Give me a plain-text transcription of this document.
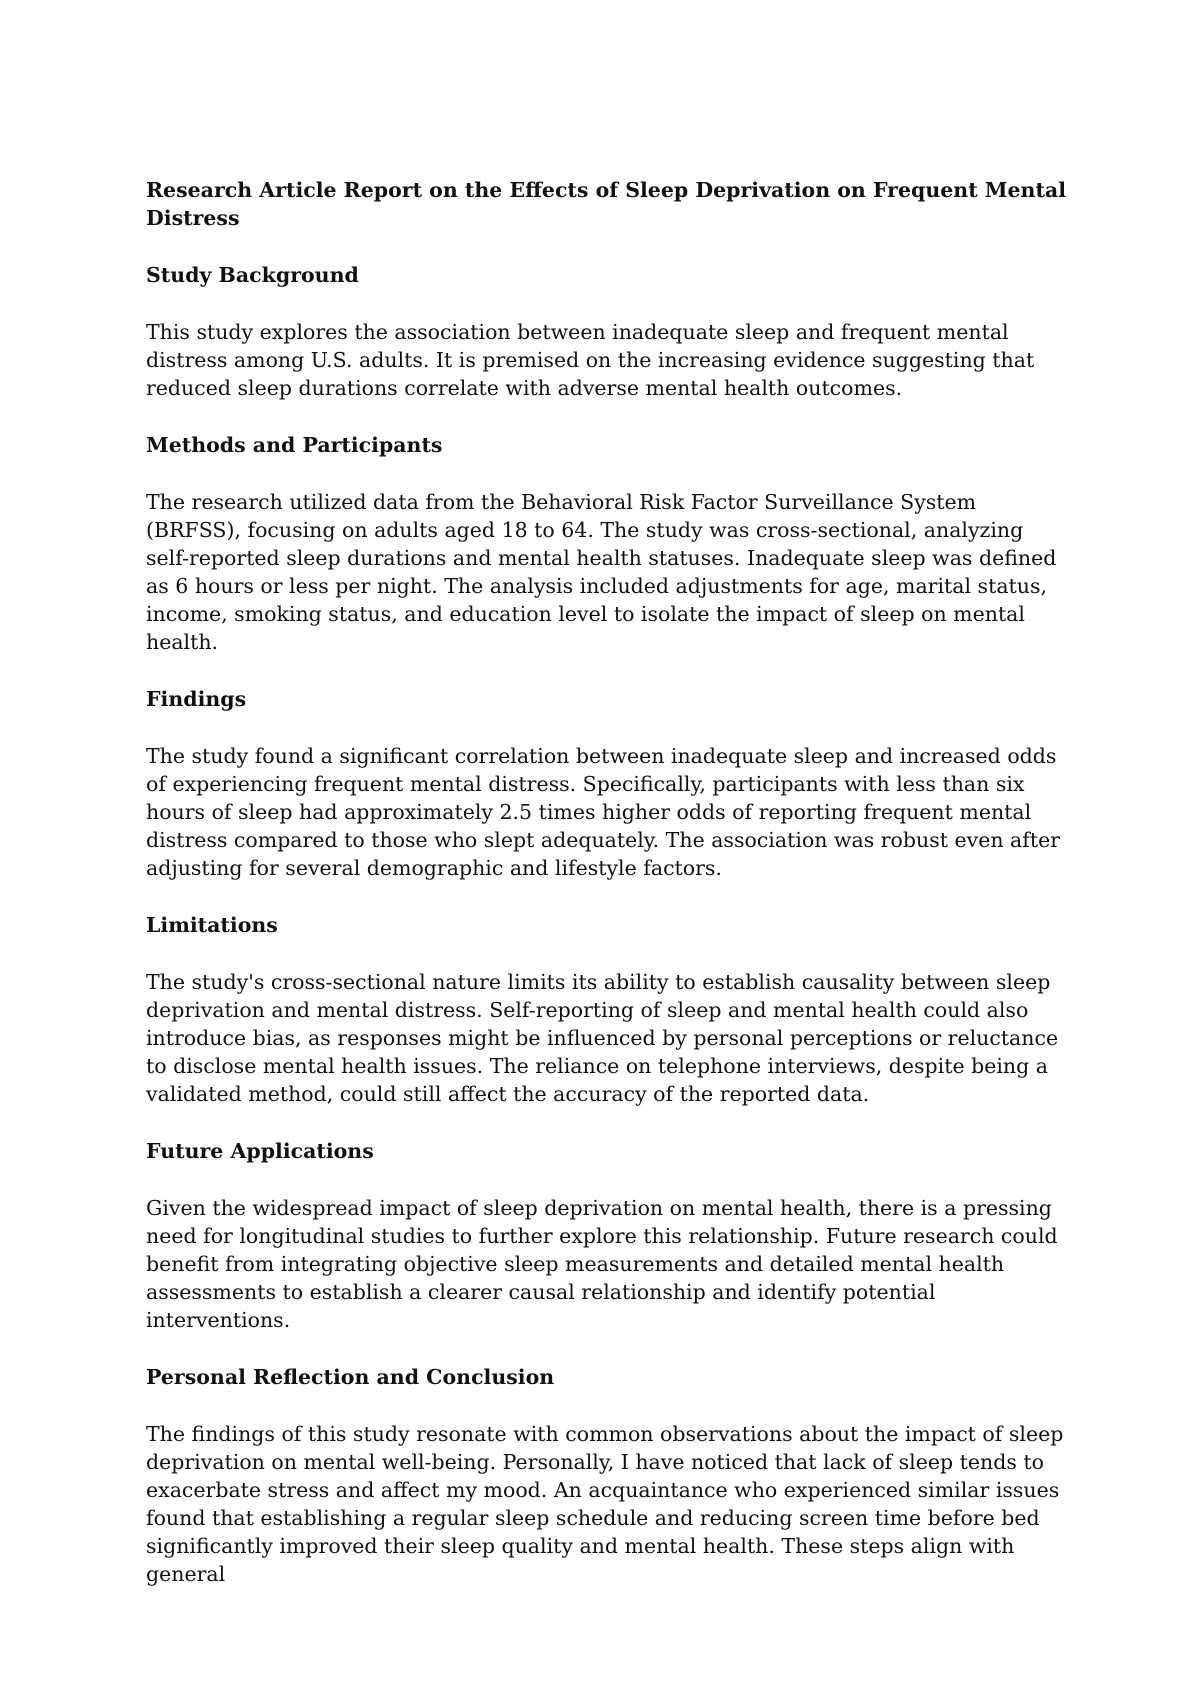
Research Article Report on the Effects of Sleep Deprivation on Frequent Mental Distress

Study Background

This study explores the association between inadequate sleep and frequent mental distress among U.S. adults. It is premised on the increasing evidence suggesting that reduced sleep durations correlate with adverse mental health outcomes.

Methods and Participants

The research utilized data from the Behavioral Risk Factor Surveillance System (BRFSS), focusing on adults aged 18 to 64. The study was cross-sectional, analyzing self-reported sleep durations and mental health statuses. Inadequate sleep was defined as 6 hours or less per night. The analysis included adjustments for age, marital status, income, smoking status, and education level to isolate the impact of sleep on mental health.

Findings

The study found a significant correlation between inadequate sleep and increased odds of experiencing frequent mental distress. Specifically, participants with less than six hours of sleep had approximately 2.5 times higher odds of reporting frequent mental distress compared to those who slept adequately. The association was robust even after adjusting for several demographic and lifestyle factors.

Limitations

The study's cross-sectional nature limits its ability to establish causality between sleep deprivation and mental distress. Self-reporting of sleep and mental health could also introduce bias, as responses might be influenced by personal perceptions or reluctance to disclose mental health issues. The reliance on telephone interviews, despite being a validated method, could still affect the accuracy of the reported data.

Future Applications

Given the widespread impact of sleep deprivation on mental health, there is a pressing need for longitudinal studies to further explore this relationship. Future research could benefit from integrating objective sleep measurements and detailed mental health assessments to establish a clearer causal relationship and identify potential interventions.

Personal Reflection and Conclusion

The findings of this study resonate with common observations about the impact of sleep deprivation on mental well-being. Personally, I have noticed that lack of sleep tends to exacerbate stress and affect my mood. An acquaintance who experienced similar issues found that establishing a regular sleep schedule and reducing screen time before bed significantly improved their sleep quality and mental health. These steps align with general
